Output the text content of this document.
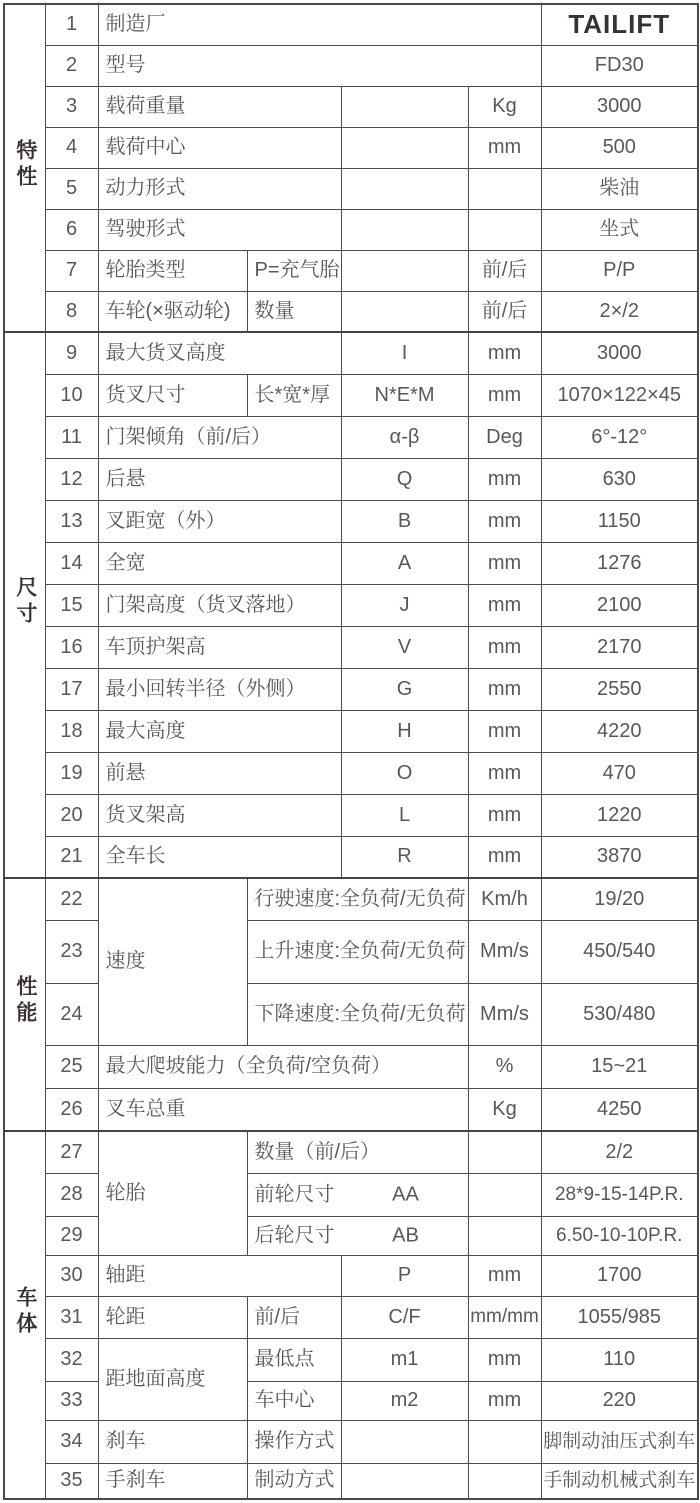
特性	1	制造厂				TAILIFT
	2	型号				FD30
	3	载荷重量			Kg	3000
	4	载荷中心			mm	500
	5	动力形式				柴油
	6	驾驶形式				坐式
	7	轮胎类型	P=充气胎		前/后	P/P
	8	车轮(×驱动轮)	数量		前/后	2×/2
尺寸	9	最大货叉高度		I	mm	3000
	10	货叉尺寸	长*宽*厚	N*E*M	mm	1070×122×45
	11	门架倾角（前/后）		α-β	Deg	6°-12°
	12	后悬		Q	mm	630
	13	叉距宽（外）		B	mm	1150
	14	全宽		A	mm	1276
	15	门架高度（货叉落地）		J	mm	2100
	16	车顶护架高		V	mm	2170
	17	最小回转半径（外侧）		G	mm	2550
	18	最大高度		H	mm	4220
	19	前悬		O	mm	470
	20	货叉架高		L	mm	1220
	21	全车长		R	mm	3870
性能	22	速度	行驶速度:全负荷/无负荷		Km/h	19/20
	23		上升速度:全负荷/无负荷		Mm/s	450/540
	24		下降速度:全负荷/无负荷		Mm/s	530/480
	25	最大爬坡能力（全负荷/空负荷）			%	15~21
	26	叉车总重			Kg	4250
车体	27	轮胎	数量（前/后）			2/2
	28		前轮尺寸 AA			28*9-15-14P.R.
	29		后轮尺寸 AB			6.50-10-10P.R.
	30	轴距		P	mm	1700
	31	轮距	前/后	C/F	mm/mm	1055/985
	32	距地面高度	最低点	m1	mm	110
	33		车中心	m2	mm	220
	34	刹车	操作方式			脚制动油压式刹车
	35	手刹车	制动方式			手制动机械式刹车
